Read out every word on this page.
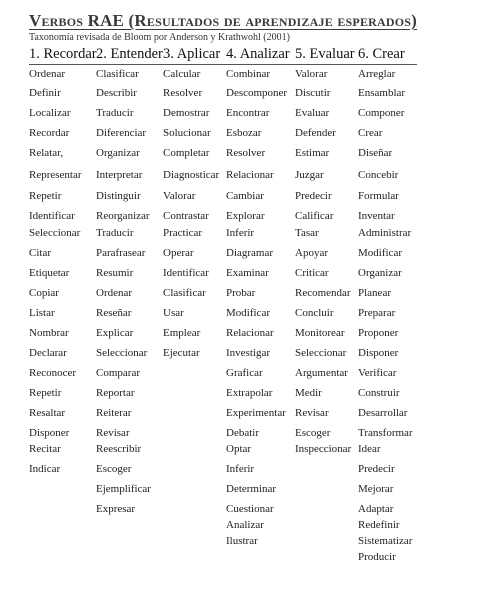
Verbos RAE (Resultados de aprendizaje esperados)
Taxonomía revisada de Bloom por Anderson y Krathwohl (2001)
1. Recordar 2. Entender 3. Aplicar 4. Analizar 5. Evaluar 6. Crear
Ordenar
Definir
Localizar
Recordar
Relatar,
Representar
Repetir
Identificar
Seleccionar
Citar
Etiquetar
Copiar
Listar
Nombrar
Declarar
Reconocer
Repetir
Resaltar
Disponer
Recitar
Indicar
Clasificar
Describir
Traducir
Diferenciar
Organizar
Interpretar
Distinguir
Reorganizar
Traducir
Parafrasear
Resumir
Ordenar
Reseñar
Explicar
Seleccionar
Comparar
Reportar
Reiterar
Revisar
Reescribir
Escoger
Ejemplificar
Expresar
Calcular
Resolver
Demostrar
Solucionar
Completar
Diagnosticar
Valorar
Contrastar
Practicar
Operar
Identificar
Clasificar
Usar
Emplear
Ejecutar
Combinar
Descomponer
Encontrar
Esbozar
Resolver
Relacionar
Cambiar
Explorar
Inferir
Diagramar
Examinar
Probar
Modificar
Relacionar
Investigar
Graficar
Extrapolar
Experimentar
Debatir
Optar
Inferir
Determinar
Cuestionar
Analizar
Ilustrar
Valorar
Discutir
Evaluar
Defender
Estimar
Juzgar
Predecir
Calificar
Tasar
Apoyar
Criticar
Recomendar
Concluir
Monitorear
Seleccionar
Argumentar
Medir
Revisar
Escoger
Inspeccionar
Arreglar
Ensamblar
Componer
Crear
Diseñar
Concebir
Formular
Inventar
Administrar
Modificar
Organizar
Planear
Preparar
Proponer
Disponer
Verificar
Construir
Desarrollar
Transformar
Idear
Predecir
Mejorar
Adaptar
Redefinir
Sistematizar
Producir
